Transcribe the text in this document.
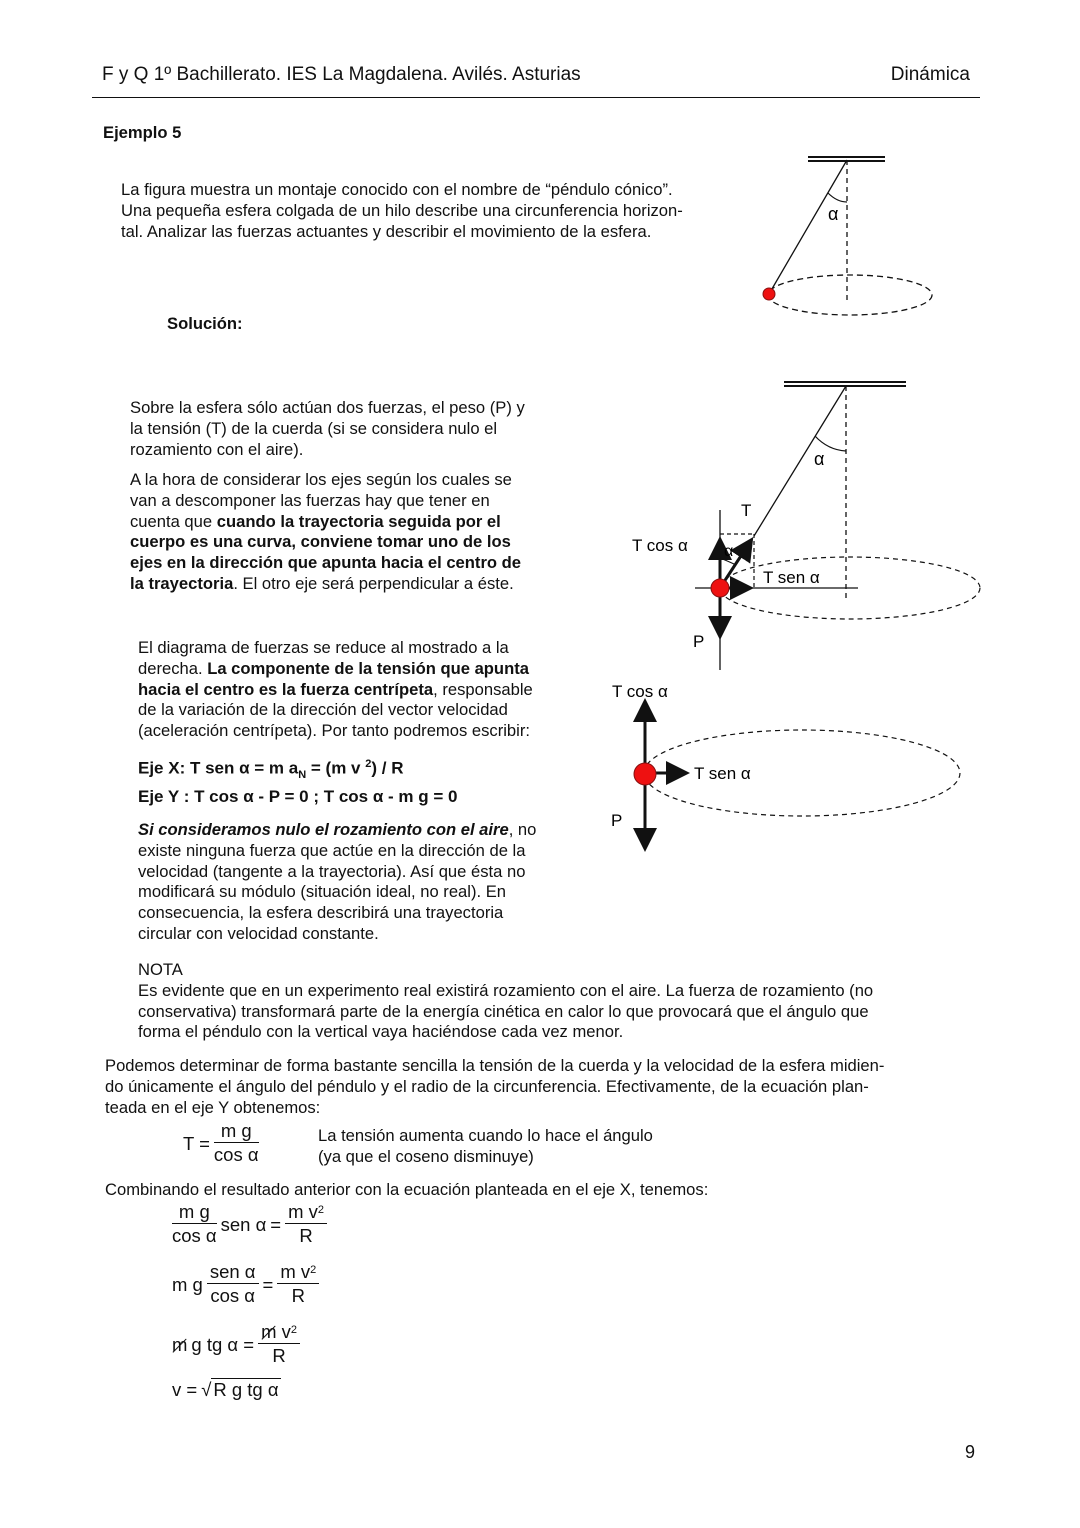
F y Q 1º Bachillerato. IES La Magdalena. Avilés. Asturias	Dinámica
Ejemplo 5
La figura muestra un montaje conocido con el nombre de “péndulo cónico”.
Una pequeña esfera colgada de un hilo describe una circunferencia horizon-
tal. Analizar las fuerzas actuantes y describir el movimiento de la esfera.
Solución:
α
Sobre la esfera sólo actúan dos fuerzas, el peso (P) y
la tensión (T) de la cuerda (si se considera nulo el
rozamiento con el aire).
A la hora de considerar los ejes según los cuales se
van a descomponer las fuerzas hay que tener en
cuenta que cuando la trayectoria seguida por el
cuerpo es una curva, conviene tomar uno de los
ejes en la dirección que apunta hacia el centro de
la trayectoria. El otro eje será perpendicular a éste.
α
T
T cos α α
T sen α
P
El diagrama de fuerzas se reduce al mostrado a la
derecha. La componente de la tensión que apunta
hacia el centro es la fuerza centrípeta, responsable
de la variación de la dirección del vector velocidad
(aceleración centrípeta). Por tanto podremos escribir:
Eje X: T sen α = m $a_N = (m$ v $^2$) / R
Eje Y : T cos α - P = 0 ; T cos α - m g = 0
Si consideramos nulo el rozamiento con el aire, no
existe ninguna fuerza que actúe en la dirección de la
velocidad (tangente a la trayectoria). Así que ésta no
modificará su módulo (situación ideal, no real). En
consecuencia, la esfera describirá una trayectoria
circular con velocidad constante.
T cos α
T sen α
P
NOTA
Es evidente que en un experimento real existirá rozamiento con el aire. La fuerza de rozamiento (no
conservativa) transformará parte de la energía cinética en calor lo que provocará que el ángulo que
forma el péndulo con la vertical vaya haciéndose cada vez menor.
Podemos determinar de forma bastante sencilla la tensión de la cuerda y la velocidad de la esfera midien-
do únicamente el ángulo del péndulo y el radio de la circunferencia. Efectivamente, de la ecuación plan-
teada en el eje Y obtenemos:
$T = \frac{\text{m g}}{\text{cos α}}$	La tensión aumenta cuando lo hace el ángulo
(ya que el coseno disminuye)
Combinando el resultado anterior con la ecuación planteada en el eje X, tenemos:
$\frac{\text{m g}}{\text{cos α}}$ sen $\alpha = \frac{m v^2}{R}$
m g $\frac{\text{sen α}}{\text{cos α}} = \frac{m v^2}{R}$
m g tg $\alpha = \frac{m v^2}{R}$
v = √ R g tg α
9
